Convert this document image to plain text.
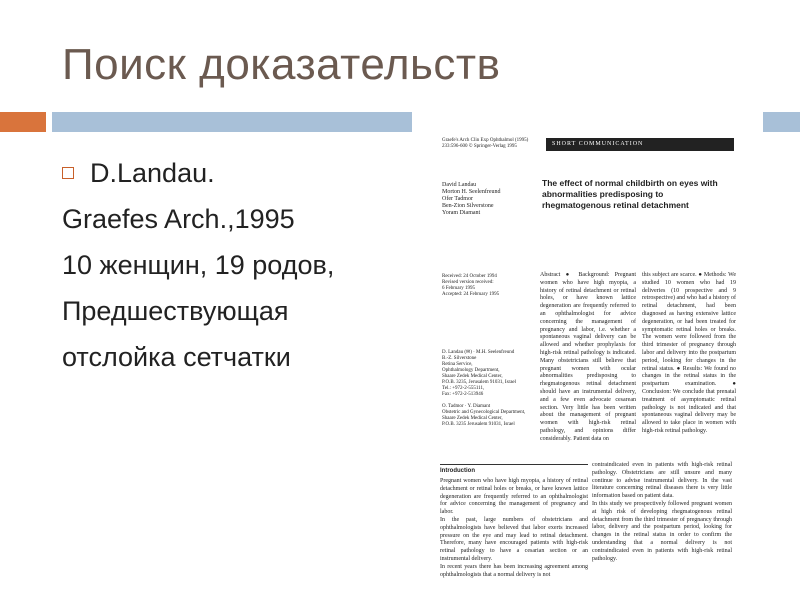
Поиск доказательств
D.Landau.
Graefes Arch.,1995
10 женщин, 19 родов,
Предшествующая
отслойка сетчатки
Graefe's Arch Clin Exp Ophthalmol (1995)
233:596-600 © Springer-Verlag 1995	SHORT COMMUNICATION
David Landau
Morton H. Seelenfreund
Ofer Tadmor
Ben-Zion Silverstone
Yoram Diamant
The effect of normal childbirth on eyes with abnormalities predisposing to rhegmatogenous retinal detachment
Received: 24 October 1994
Revised version received:
6 February 1995
Accepted: 24 February 1995
D. Landau (✉) · M.H. Seelenfreund
B.-Z. Silverstone
Retina Service,
Ophthalmology Department,
Shaare Zedek Medical Center,
P.O.B. 3235, Jerusalem 91031, Israel
Tel.: +972-2-555111,
Fax: +972-2-513946

O. Tadmor · Y. Diamant
Obstetric and Gynecological Department,
Shaare Zedek Medical Center,
P.O.B. 3235 Jerusalem 91031, Israel
Abstract ● Background: Pregnant women who have high myopia, a history of retinal detachment or retinal holes, or have known lattice degeneration are frequently referred to an ophthalmologist for advice concerning the management of pregnancy and labor, i.e. whether a spontaneous vaginal delivery can be allowed and whether prophylaxis for high-risk retinal pathology is indicated. Many obstetricians still believe that pregnant women with ocular abnormalities predisposing to rhegmatogenous retinal detachment should have an instrumental delivery, and a few even advocate cesarean section. Very little has been written about the management of pregnant women with high-risk retinal pathology, and opinions differ considerably. Patient data on
this subject are scarce. ● Methods: We studied 10 women who had 19 deliveries (10 prospective and 9 retrospective) and who had a history of retinal detachment, had been diagnosed as having extensive lattice degeneration, or had been treated for symptomatic retinal holes or breaks. The women were followed from the third trimester of pregnancy through labor and delivery into the postpartum period, looking for changes in the retinal status. ● Results: We found no changes in the retinal status in the postpartum examination. ● Conclusion: We conclude that prenatal treatment of asymptomatic retinal pathology is not indicated and that spontaneous vaginal delivery may be allowed to take place in women with high-risk retinal pathology.
Introduction
Pregnant women who have high myopia, a history of retinal detachment or retinal holes or breaks, or have known lattice degeneration are frequently referred to an ophthalmologist for advice concerning the management of pregnancy and labor.
In the past, large numbers of obstetricians and ophthalmologists have believed that labor exerts increased pressure on the eye and may lead to retinal detachment. Therefore, many have encouraged patients with high-risk retinal pathology to have a cesarian section or an instrumental delivery.
In recent years there has been increasing agreement among ophthalmologists that a normal delivery is not
contraindicated even in patients with high-risk retinal pathology. Obstetricians are still unsure and many continue to advise instrumental delivery. In the vast literature concerning retinal diseases there is very little information based on patient data.
In this study we prospectively followed pregnant women at high risk of developing rhegmatogenous retinal detachment from the third trimester of pregnancy through labor, delivery and the postpartum period, looking for changes in the retinal status in order to confirm the understanding that a normal delivery is not contraindicated even in patients with high-risk retinal pathology.
